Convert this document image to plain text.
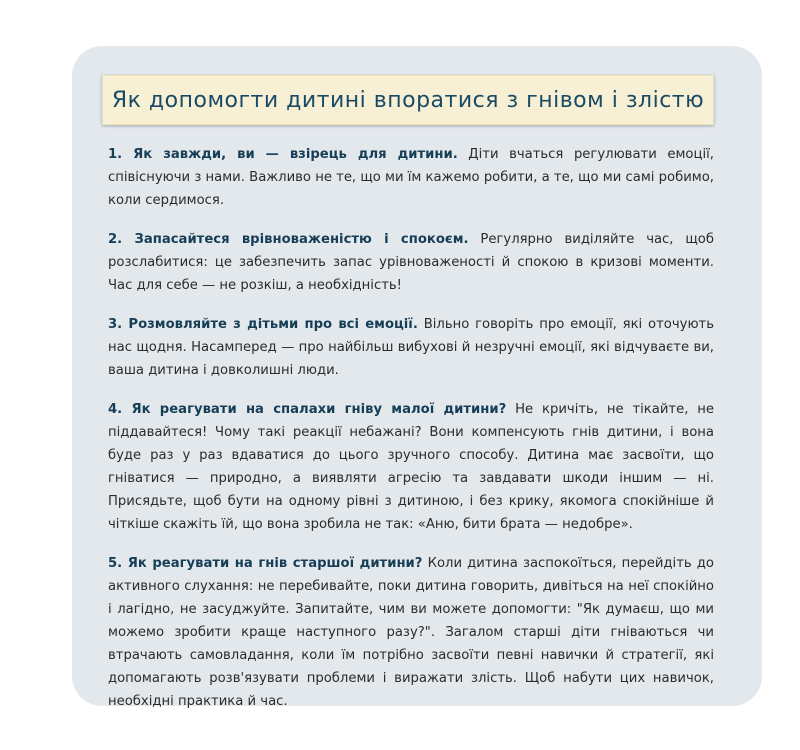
Як допомогти дитині впоратися з гнівом і злістю

1. Як завжди, ви — взірець для дитини. Діти вчаться регулювати емоції, співіснуючи з нами. Важливо не те, що ми їм кажемо робити, а те, що ми самі робимо, коли сердимося.

2. Запасайтеся врівноваженістю і спокоєм. Регулярно виділяйте час, щоб розслабитися: це забезпечить запас урівноваженості й спокою в кризові моменти. Час для себе — не розкіш, а необхідність!

3. Розмовляйте з дітьми про всі емоції. Вільно говоріть про емоції, які оточують нас щодня. Насамперед — про найбільш вибухові й незручні емоції, які відчуваєте ви, ваша дитина і довколишні люди.

4. Як реагувати на спалахи гніву малої дитини? Не кричіть, не тікайте, не піддавайтеся! Чому такі реакції небажані? Вони компенсують гнів дитини, і вона буде раз у раз вдаватися до цього зручного способу. Дитина має засвоїти, що гніватися — природно, а виявляти агресію та завдавати шкоди іншим — ні. Присядьте, щоб бути на одному рівні з дитиною, і без крику, якомога спокійніше й чіткіше скажіть їй, що вона зробила не так: «Аню, бити брата — недобре».

5. Як реагувати на гнів старшої дитини? Коли дитина заспокоїться, перейдіть до активного слухання: не перебивайте, поки дитина говорить, дивіться на неї спокійно і лагідно, не засуджуйте. Запитайте, чим ви можете допомогти: "Як думаєш, що ми можемо зробити краще наступного разу?". Загалом старші діти гніваються чи втрачають самовладання, коли їм потрібно засвоїти певні навички й стратегії, які допомагають розв'язувати проблеми і виражати злість. Щоб набути цих навичок, необхідні практика й час.
